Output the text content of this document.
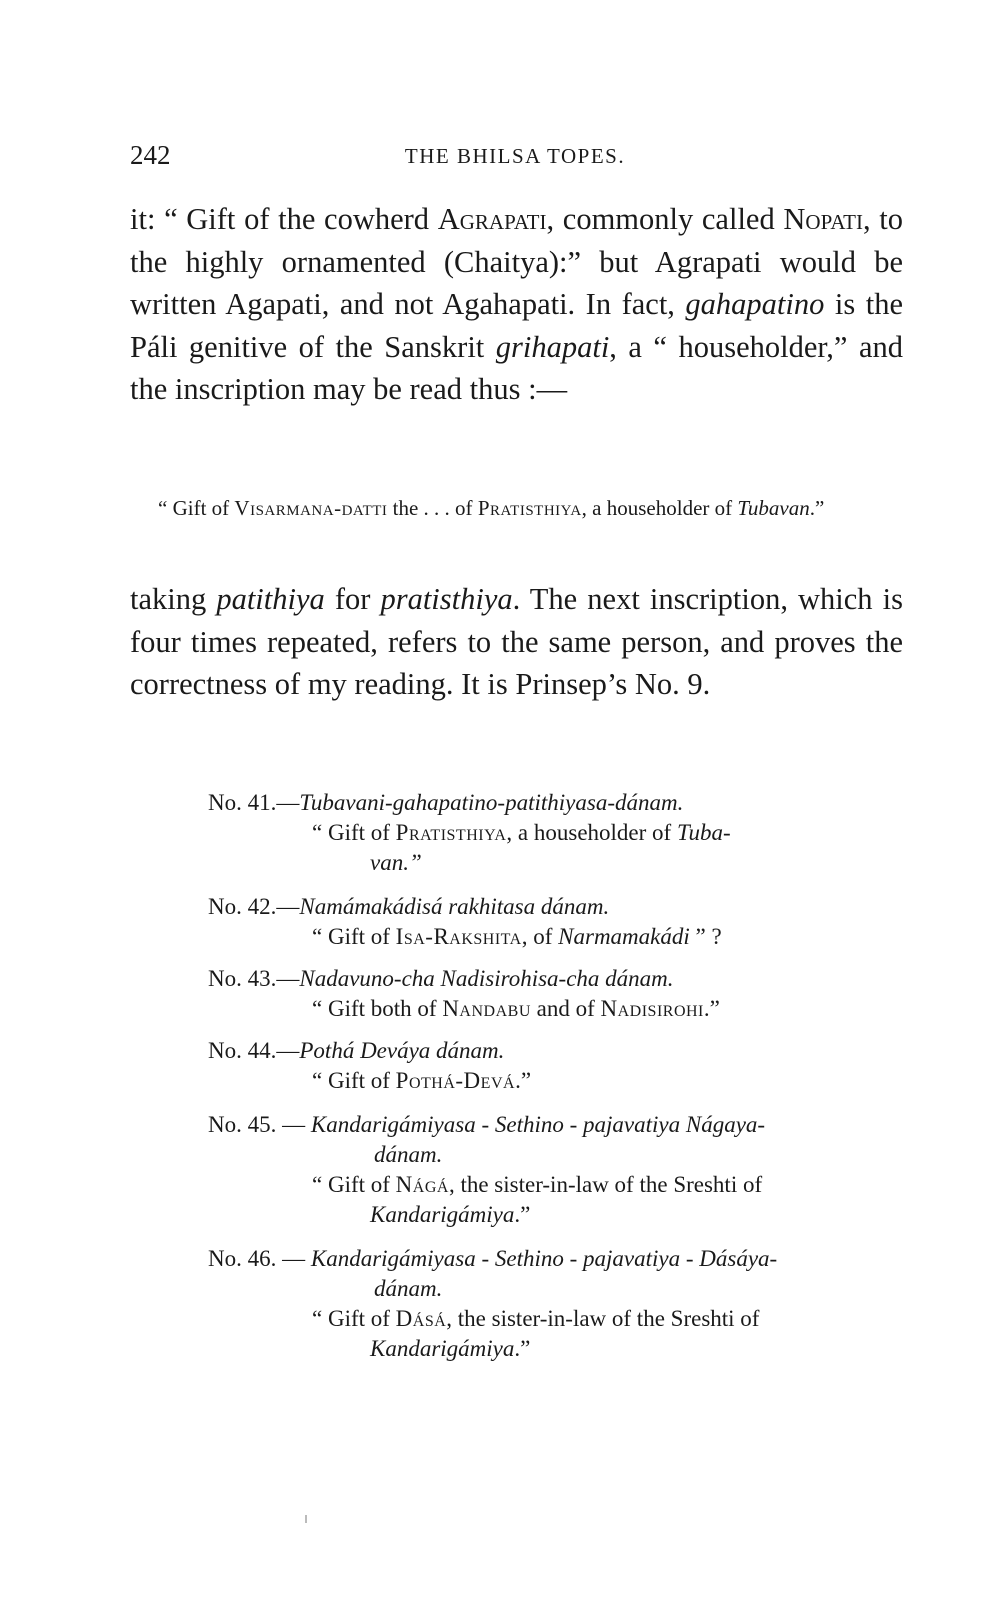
242	THE BHILSA TOPES.

it: “ Gift of the cowherd Agrapati, commonly called Nopati, to the highly ornamented (Chaitya):” but Agrapati would be written Agapati, and not Agahapati. In fact, gahapatino is the Páli genitive of the Sanskrit grihapati, a “ householder,” and the inscription may be read thus :—

“ Gift of Visarmana-datti the . . . of Pratisthiya, a householder of Tubavan.”

taking patithiya for pratisthiya. The next inscription, which is four times repeated, refers to the same person, and proves the correctness of my reading. It is Prinsep’s No. 9.

No. 41.—Tubavani-gahapatino-patithiyasa-dánam.
“ Gift of Pratisthiya, a householder of Tuba-
van.”
No. 42.—Namámakádisá rakhitasa dánam.
“ Gift of Isa-Rakshita, of Narmamakádi ” ?
No. 43.—Nadavuno-cha Nadisirohisa-cha dánam.
“ Gift both of Nandabu and of Nadisirohi.”
No. 44.—Pothá Deváya dánam.
“ Gift of Pothá-Devá.”
No. 45. — Kandarigámiyasa - Sethino - pajavatiya Nágaya-
dánam.
“ Gift of Nágá, the sister-in-law of the Sreshti of
Kandarigámiya.”
No. 46. — Kandarigámiyasa - Sethino - pajavatiya - Dásáya-
dánam.
“ Gift of Dásá, the sister-in-law of the Sreshti of
Kandarigámiya.”
